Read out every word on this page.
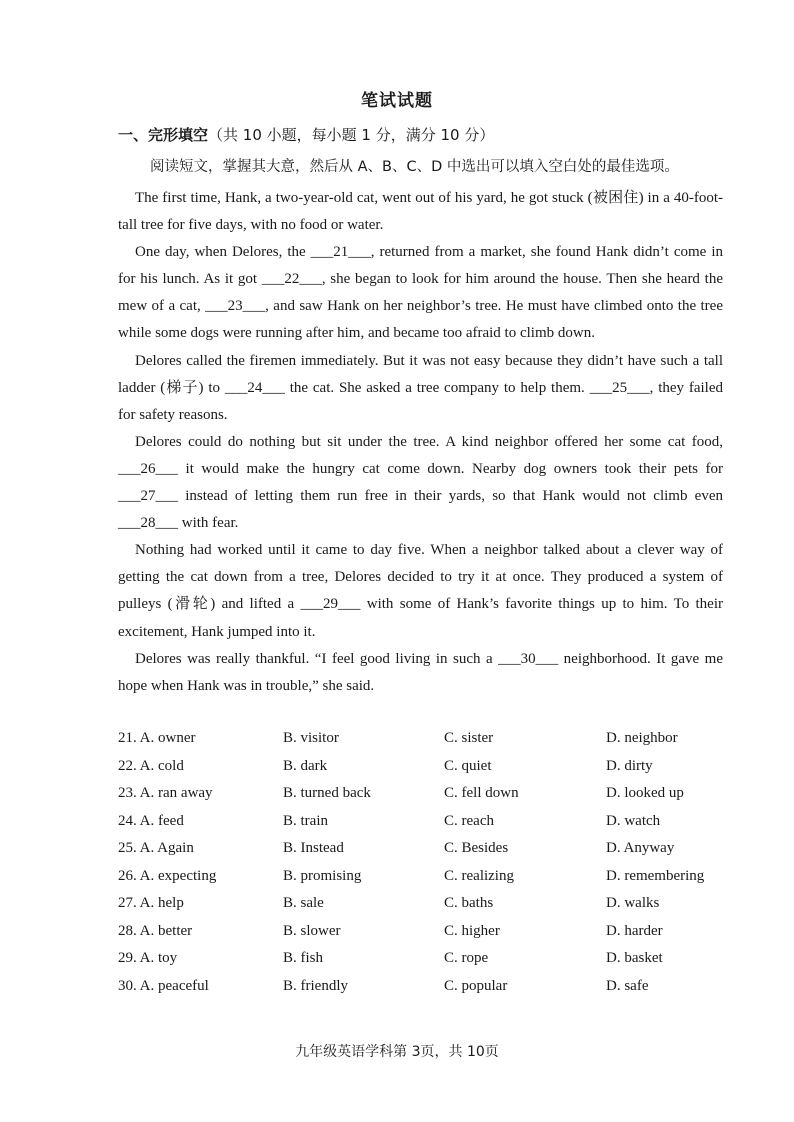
笔试试题
一、完形填空（共 10 小题，每小题 1 分，满分 10 分）
阅读短文，掌握其大意，然后从 A、B、C、D 中选出可以填入空白处的最佳选项。

The first time, Hank, a two-year-old cat, went out of his yard, he got stuck (被困住) in a 40-foot-tall tree for five days, with no food or water.

One day, when Delores, the ___21___, returned from a market, she found Hank didn’t come in for his lunch. As it got ___22___, she began to look for him around the house. Then she heard the mew of a cat, ___23___, and saw Hank on her neighbor’s tree. He must have climbed onto the tree while some dogs were running after him, and became too afraid to climb down.

Delores called the firemen immediately. But it was not easy because they didn’t have such a tall ladder (梯子) to ___24___ the cat. She asked a tree company to help them. ___25___, they failed for safety reasons.

Delores could do nothing but sit under the tree. A kind neighbor offered her some cat food, ___26___ it would make the hungry cat come down. Nearby dog owners took their pets for ___27___ instead of letting them run free in their yards, so that Hank would not climb even ___28___ with fear.

Nothing had worked until it came to day five. When a neighbor talked about a clever way of getting the cat down from a tree, Delores decided to try it at once. They produced a system of pulleys (滑轮) and lifted a ___29___ with some of Hank’s favorite things up to him. To their excitement, Hank jumped into it.

Delores was really thankful. “I feel good living in such a ___30___ neighborhood. It gave me hope when Hank was in trouble,” she said.

21. A. owner	B. visitor	C. sister	D. neighbor
22. A. cold	B. dark	C. quiet	D. dirty
23. A. ran away	B. turned back	C. fell down	D. looked up
24. A. feed	B. train	C. reach	D. watch
25. A. Again	B. Instead	C. Besides	D. Anyway
26. A. expecting	B. promising	C. realizing	D. remembering
27. A. help	B. sale	C. baths	D. walks
28. A. better	B. slower	C. higher	D. harder
29. A. toy	B. fish	C. rope	D. basket
30. A. peaceful	B. friendly	C. popular	D. safe
九年级英语学科第 3页，共 10页
